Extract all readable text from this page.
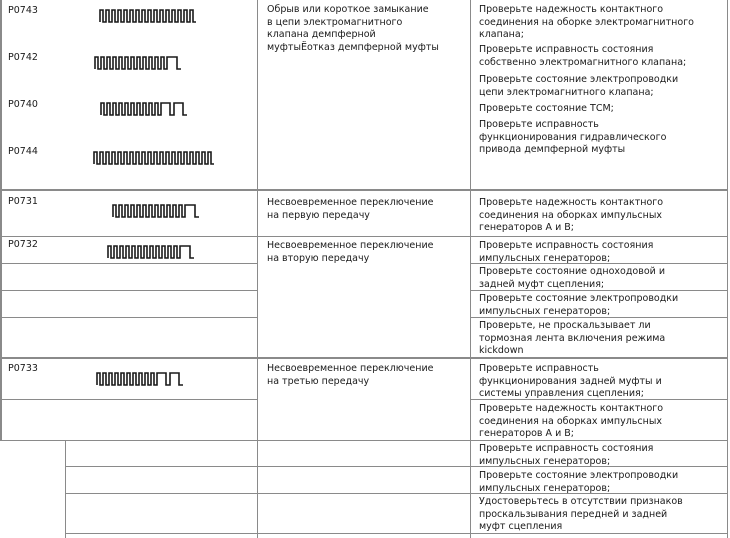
P0743
P0742
P0740
P0744
P0731
P0732
P0733
Обрыв или короткое замыкание
в цепи электромагнитного
клапана демпферной
муфтыЁотказ демпферной муфты
Несвоевременное переключение
на первую передачу
Несвоевременное переключение
на вторую передачу
Несвоевременное переключение
на третью передачу
Проверьте надежность контактного
соединения на оборке электромагнитного
клапана;
Проверьте исправность состояния
собственно электромагнитного клапана;
Проверьте состояние электропроводки
цепи электромагнитного клапана;
Проверьте состояние ТСМ;
Проверьте исправность
функционирования гидравлического
привода демпферной муфты
Проверьте надежность контактного
соединения на оборках импульсных
генераторов А и В;
Проверьте исправность состояния
импульсных генераторов;
Проверьте состояние одноходовой и
задней муфт сцепления;
Проверьте состояние электропроводки
импульсных генераторов;
Проверьте, не проскальзывает ли
тормозная лента включения режима
kickdown
Проверьте исправность
функционирования задней муфты и
системы управления сцепления;
Проверьте надежность контактного
соединения на оборках импульсных
генераторов А и В;
Проверьте исправность состояния
импульсных генераторов;
Проверьте состояние электропроводки
импульсных генераторов;
Удостоверьтесь в отсутствии признаков
проскальзывания передней и задней
муфт сцепления
